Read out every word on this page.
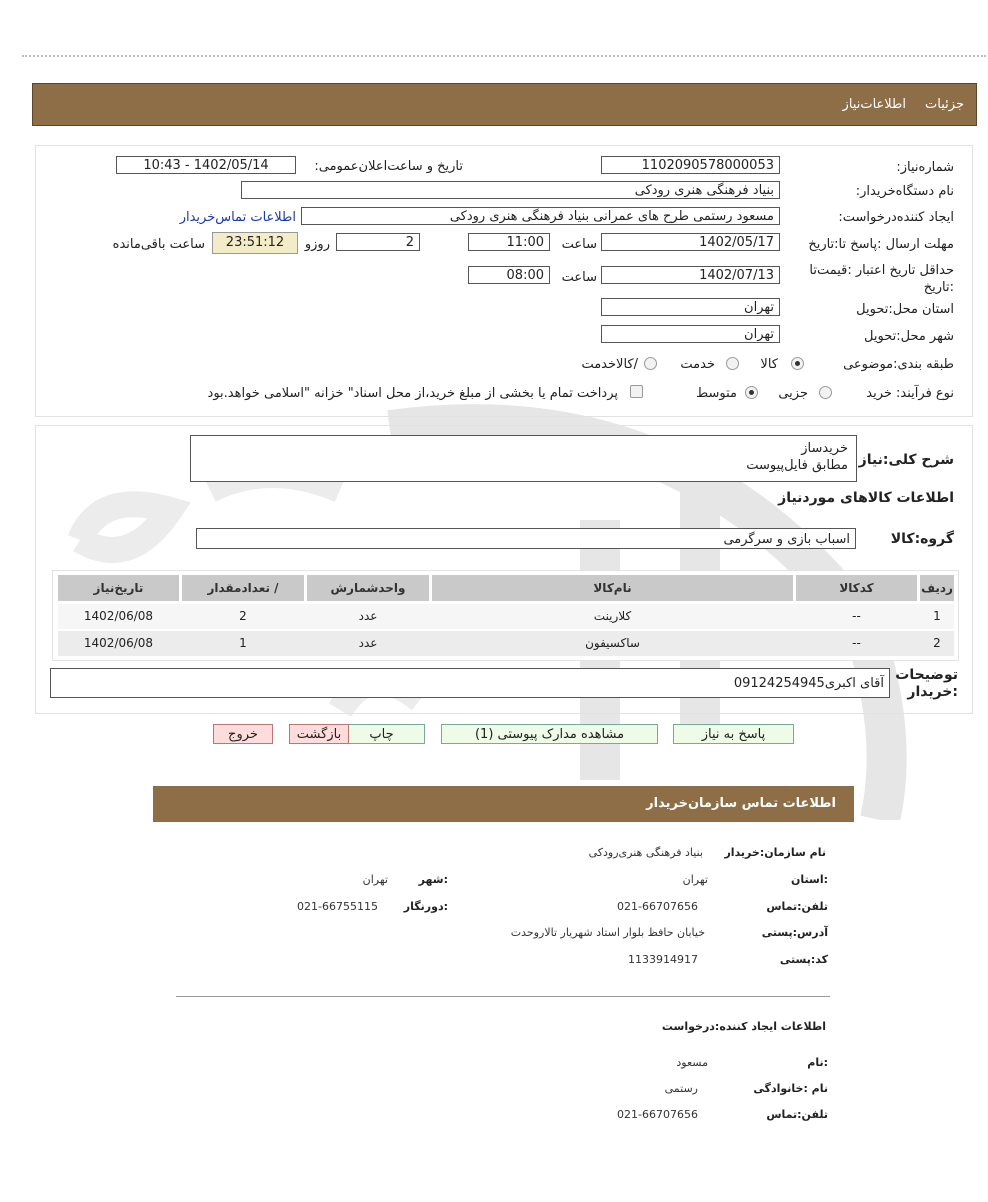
جزئیات
اطلاعات‌نیاز
شماره‌نیاز:
1102090578000053
تاریخ و ساعت‌اعلان‌عمومی:
1402/05/14 - 10:43
نام دستگاه‌خریدار:
بنیاد فرهنگی هنری رودکی
ایجاد کننده‌درخواست:
مسعود رستمی طرح های عمرانی بنیاد فرهنگی هنری رودکی
اطلاعات تماس‌خریدار
مهلت ارسال :پاسخ تا:تاریخ
1402/05/17
ساعت
11:00
2
روزو
23:51:12
ساعت باقی‌مانده
حداقل تاریخ اعتبار :قیمت‌تا :تاریخ
1402/07/13
ساعت
08:00
استان محل:تحویل
تهران
شهر محل:تحویل
تهران
طبقه بندی:موضوعی
کالا
خدمت
/کالاخدمت
نوع فرآیند: خرید
جزیی
متوسط
پرداخت تمام یا بخشی از مبلغ خرید،از محل اسناد" خزانه "اسلامی خواهد.بود
شرح کلی:نیاز
خریدساز
مطابق فایل‌پیوست
اطلاعات کالاهای موردنیاز
گروه:کالا
اسباب بازی و سرگرمی
ردیف
کدکالا
نام‌کالا
واحدشمارش
/ تعدادمقدار
تاریخ‌نیاز
1
--
کلارینت
عدد
2
1402/06/08
2
--
ساکسیفون
عدد
1
1402/06/08
توضیحات
:خریدار
آقای اکبری09124254945
پاسخ به نیاز
مشاهده مدارک پیوستی (1)
چاپ
بازگشت
خروج
اطلاعات تماس سازمان‌خریدار
نام سازمان:خریدار
بنیاد فرهنگی هنری‌رودکی
:استان
تهران
:شهر
تهران
تلفن:تماس
021-66707656
:دورنگار
021-66755115
آدرس:پستی
خیابان حافظ بلوار استاد شهریار تالاروحدت
کد:پستی
1133914917
اطلاعات ایجاد کننده:درخواست
:نام
مسعود
نام :خانوادگی
رستمی
تلفن:تماس
021-66707656
